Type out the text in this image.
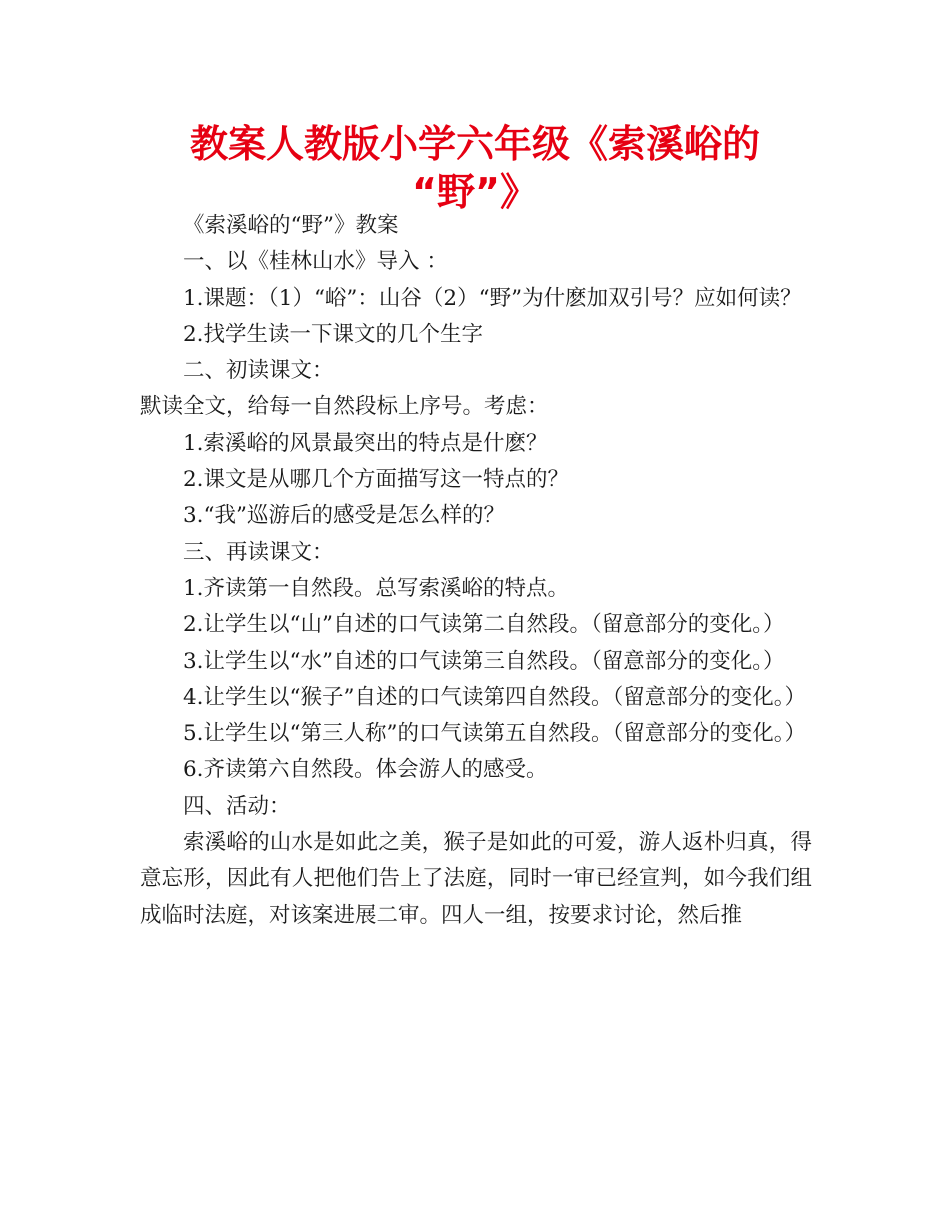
教案人教版小学六年级《索溪峪的
“野”》

《索溪峪的“野”》教案

一、以《桂林山水》导入 ：

1.课题：（1）“峪”：山谷（2）“野”为什麽加双引号？应如何读？

2.找学生读一下课文的几个生字

二、初读课文：

默读全文，给每一自然段标上序号。考虑：

1.索溪峪的风景最突出的特点是什麽？

2.课文是从哪几个方面描写这一特点的？

3.“我”巡游后的感受是怎么样的？

三、再读课文：

1.齐读第一自然段。总写索溪峪的特点。

2.让学生以“山”自述的口气读第二自然段。（留意部分的变化。）

3.让学生以“水”自述的口气读第三自然段。（留意部分的变化。）

4.让学生以“猴子”自述的口气读第四自然段。（留意部分的变化。）

5.让学生以“第三人称”的口气读第五自然段。（留意部分的变化。）

6.齐读第六自然段。体会游人的感受。

四、活动：

索溪峪的山水是如此之美，猴子是如此的可爱，游人返朴归真，得意忘形，因此有人把他们告上了法庭，同时一审已经宣判，如今我们组成临时法庭，对该案进展二审。四人一组，按要求讨论，然后推
